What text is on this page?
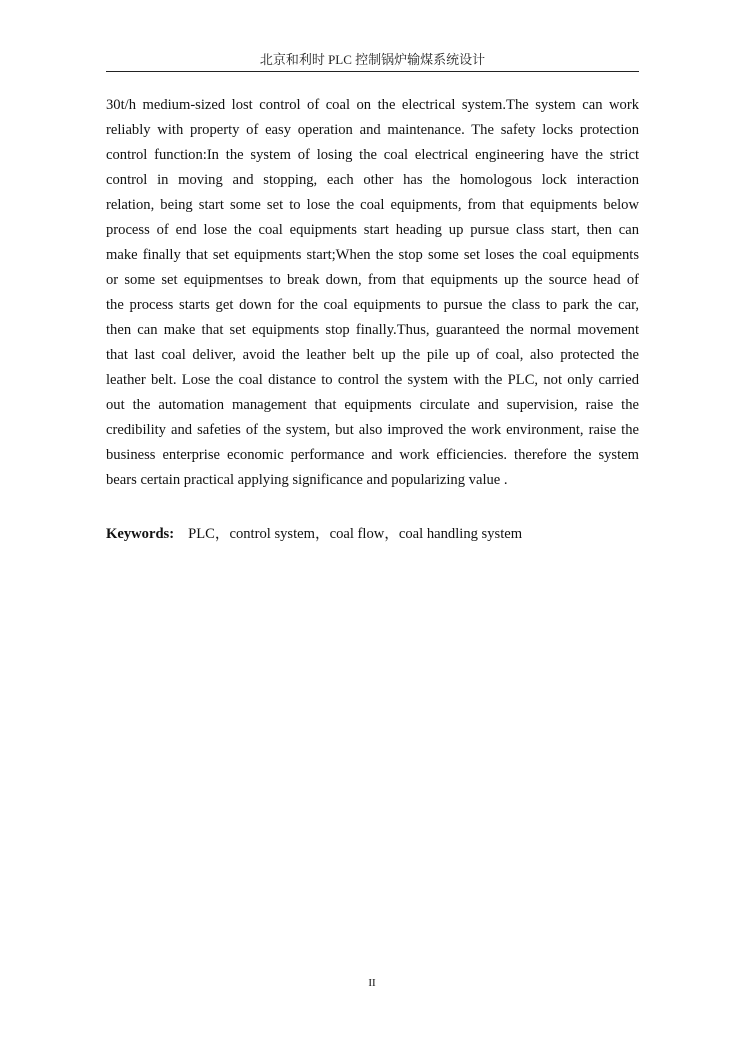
北京和利时 PLC 控制锅炉输煤系统设计
30t/h medium-sized lost control of coal on the electrical system.The system can work
reliably with property of easy operation and maintenance. The safety locks protection
control function:In the system of losing the coal electrical engineering have the strict
control in moving and stopping, each other has the homologous lock interaction
relation, being start some set to lose the coal equipments, from that equipments below
process of end lose the coal equipments start heading up pursue class start, then can
make finally that set equipments start;When the stop some set loses the coal equipments
or some set equipmentses to break down, from that equipments up the source head of
the process starts get down for the coal equipments to pursue the class to park the car,
then can make that set equipments stop finally.Thus, guaranteed the normal movement
that last coal deliver, avoid the leather belt up the pile up of coal, also protected the
leather belt. Lose the coal distance to control the system with the PLC, not only carried
out the automation management that equipments circulate and supervision, raise the
credibility and safeties of the system, but also improved the work environment, raise the
business enterprise economic performance and work efficiencies. therefore the system
bears certain practical applying significance and popularizing value .
Keywords: PLC，control system，coal flow，coal handling system
II
